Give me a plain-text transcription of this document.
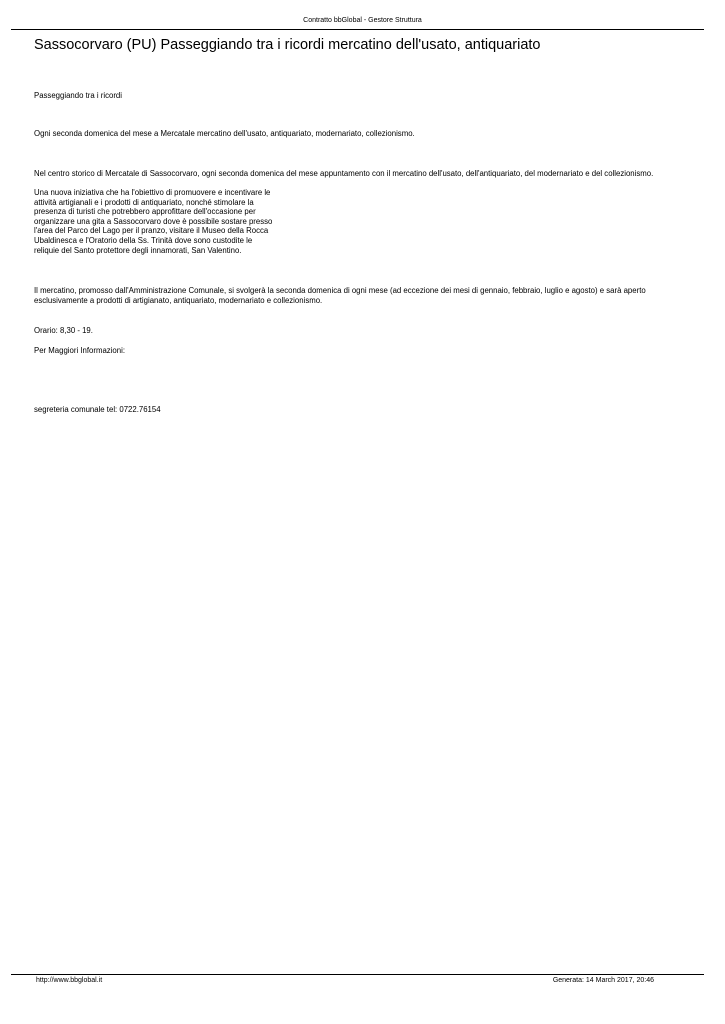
Contratto bbGlobal - Gestore Struttura
Sassocorvaro (PU) Passeggiando tra i ricordi mercatino dell'usato, antiquariato

Passeggiando tra i ricordi

Ogni seconda domenica del mese a Mercatale mercatino dell'usato, antiquariato, modernariato, collezionismo.

Nel centro storico di Mercatale di Sassocorvaro, ogni seconda domenica del mese appuntamento con il mercatino dell'usato, dell'antiquariato, del modernariato e del collezionismo.

Una nuova iniziativa che ha l'obiettivo di promuovere e incentivare le
attività artigianali e i prodotti di antiquariato, nonché stimolare la
presenza di turisti che potrebbero approfittare dell'occasione per
organizzare una gita a Sassocorvaro dove è possibile sostare presso
l'area del Parco del Lago per il pranzo, visitare il Museo della Rocca
Ubaldinesca e l'Oratorio della Ss. Trinità dove sono custodite le
reliquie del Santo protettore degli innamorati, San Valentino.

Il mercatino, promosso dall'Amministrazione Comunale, si svolgerà la seconda domenica di ogni mese (ad eccezione dei mesi di gennaio, febbraio, luglio e agosto) e sarà aperto esclusivamente a prodotti di artigianato, antiquariato, modernariato e collezionismo.

Orario: 8,30 - 19.

Per Maggiori Informazioni:

segreteria comunale tel: 0722.76154

http://www.bbglobal.it	Generata: 14 March 2017, 20:46
